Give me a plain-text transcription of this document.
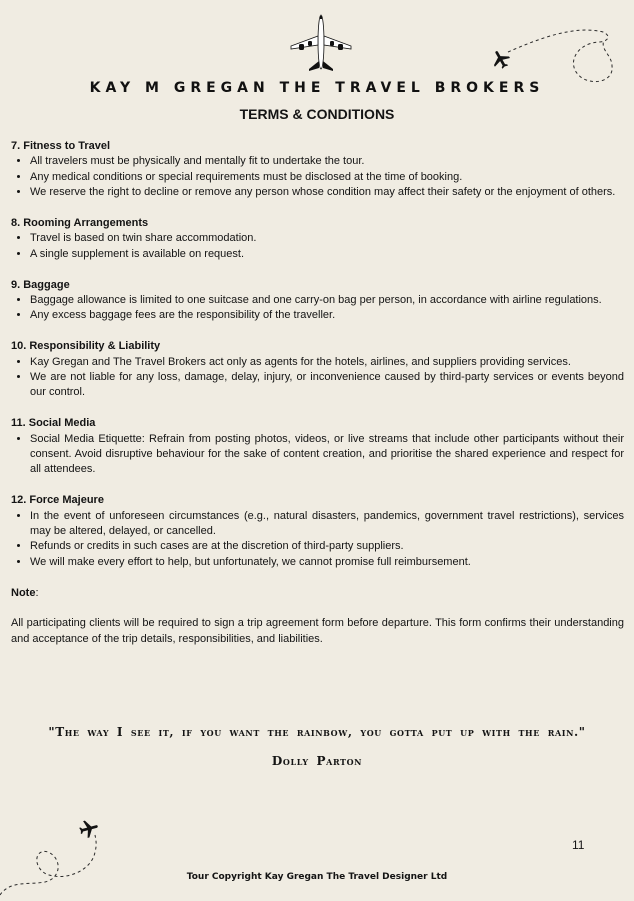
KAY M GREGAN THE TRAVEL BROKERS
TERMS & CONDITIONS
7. Fitness to Travel
• All travelers must be physically and mentally fit to undertake the tour.
• Any medical conditions or special requirements must be disclosed at the time of booking.
• We reserve the right to decline or remove any person whose condition may affect their safety or the enjoyment of others.
8. Rooming Arrangements
• Travel is based on twin share accommodation.
• A single supplement is available on request.
9. Baggage
• Baggage allowance is limited to one suitcase and one carry-on bag per person, in accordance with airline regulations.
• Any excess baggage fees are the responsibility of the traveller.
10. Responsibility & Liability
• Kay Gregan and The Travel Brokers act only as agents for the hotels, airlines, and suppliers providing services.
• We are not liable for any loss, damage, delay, injury, or inconvenience caused by third-party services or events beyond our control.
11. Social Media
• Social Media Etiquette: Refrain from posting photos, videos, or live streams that include other participants without their consent. Avoid disruptive behaviour for the sake of content creation, and prioritise the shared experience and respect for all attendees.
12. Force Majeure
• In the event of unforeseen circumstances (e.g., natural disasters, pandemics, government travel restrictions), services may be altered, delayed, or cancelled.
• Refunds or credits in such cases are at the discretion of third-party suppliers.
• We will make every effort to help, but unfortunately, we cannot promise full reimbursement.

Note:

All participating clients will be required to sign a trip agreement form before departure. This form confirms their understanding and acceptance of the trip details, responsibilities, and liabilities.

"The way I see it, if you want the rainbow, you gotta put up with the rain."
Dolly Parton
11
Tour Copyright Kay Gregan The Travel Designer Ltd
